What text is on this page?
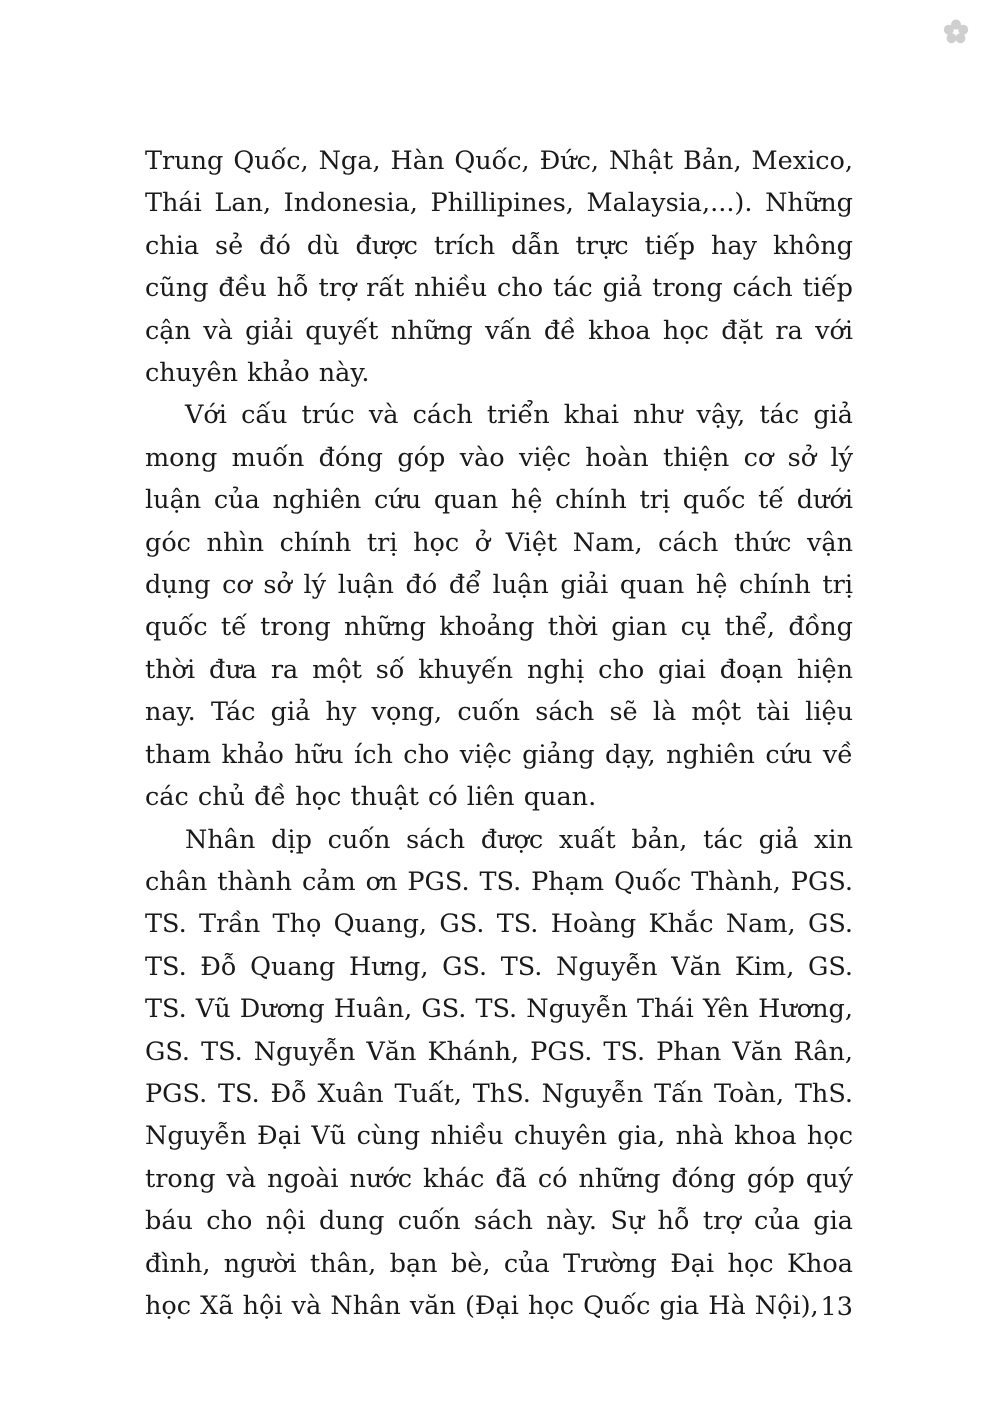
Trung Quốc, Nga, Hàn Quốc, Đức, Nhật Bản, Mexico, Thái Lan, Indonesia, Phillipines, Malaysia,...). Những chia sẻ đó dù được trích dẫn trực tiếp hay không cũng đều hỗ trợ rất nhiều cho tác giả trong cách tiếp cận và giải quyết những vấn đề khoa học đặt ra với chuyên khảo này.

Với cấu trúc và cách triển khai như vậy, tác giả mong muốn đóng góp vào việc hoàn thiện cơ sở lý luận của nghiên cứu quan hệ chính trị quốc tế dưới góc nhìn chính trị học ở Việt Nam, cách thức vận dụng cơ sở lý luận đó để luận giải quan hệ chính trị quốc tế trong những khoảng thời gian cụ thể, đồng thời đưa ra một số khuyến nghị cho giai đoạn hiện nay. Tác giả hy vọng, cuốn sách sẽ là một tài liệu tham khảo hữu ích cho việc giảng dạy, nghiên cứu về các chủ đề học thuật có liên quan.

Nhân dịp cuốn sách được xuất bản, tác giả xin chân thành cảm ơn PGS. TS. Phạm Quốc Thành, PGS. TS. Trần Thọ Quang, GS. TS. Hoàng Khắc Nam, GS. TS. Đỗ Quang Hưng, GS. TS. Nguyễn Văn Kim, GS. TS. Vũ Dương Huân, GS. TS. Nguyễn Thái Yên Hương, GS. TS. Nguyễn Văn Khánh, PGS. TS. Phan Văn Rân, PGS. TS. Đỗ Xuân Tuất, ThS. Nguyễn Tấn Toàn, ThS. Nguyễn Đại Vũ cùng nhiều chuyên gia, nhà khoa học trong và ngoài nước khác đã có những đóng góp quý báu cho nội dung cuốn sách này. Sự hỗ trợ của gia đình, người thân, bạn bè, của Trường Đại học Khoa học Xã hội và Nhân văn (Đại học Quốc gia Hà Nội), 13
